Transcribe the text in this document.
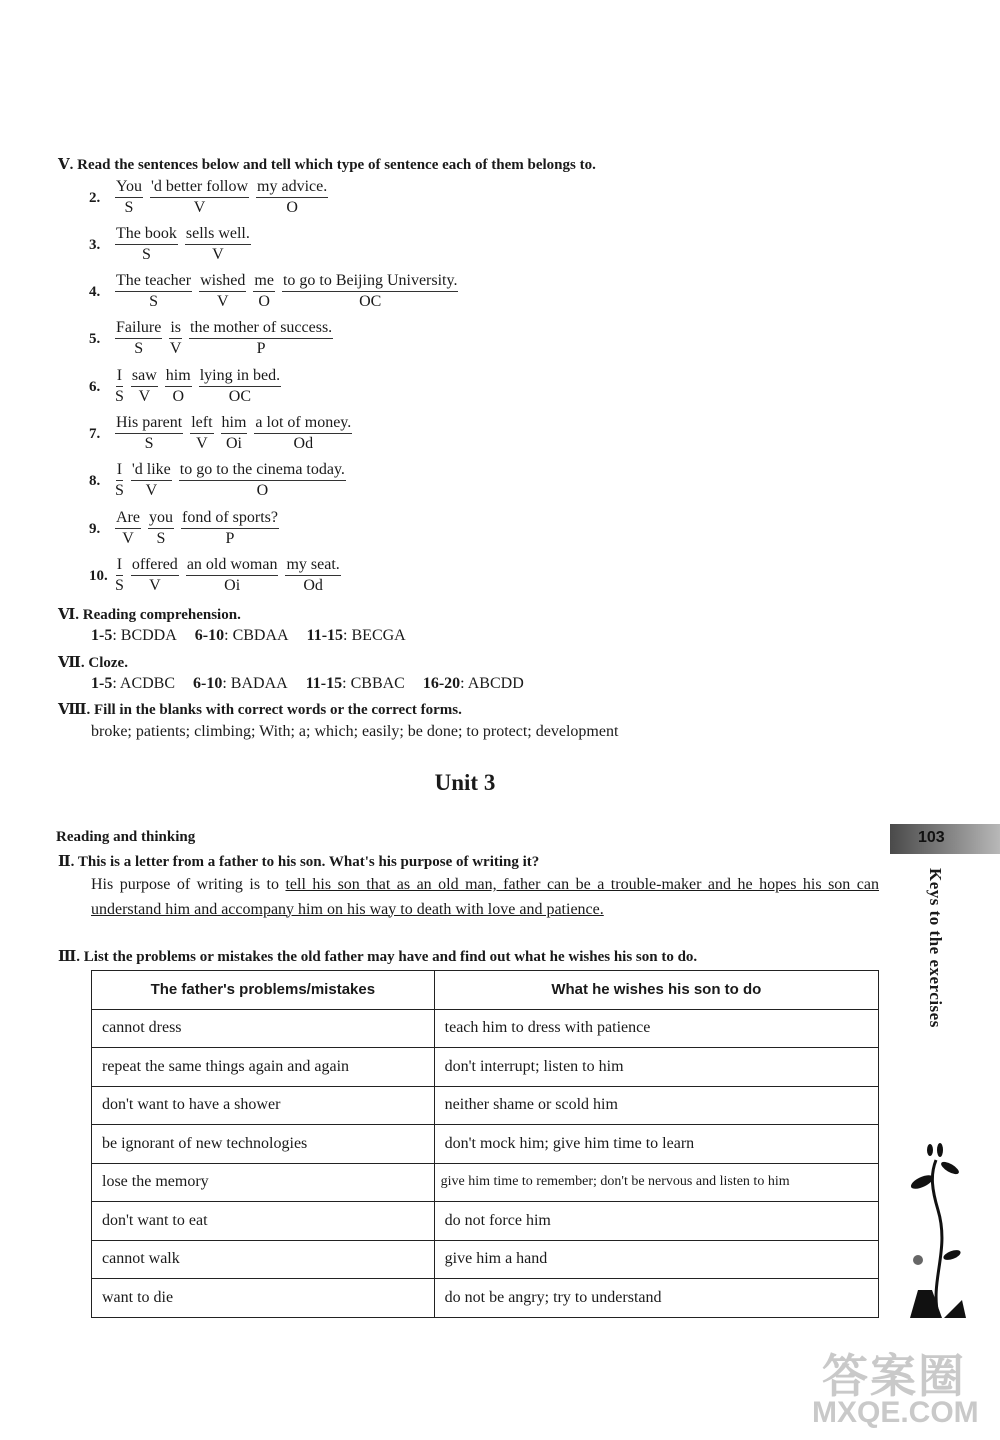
Ⅴ. Read the sentences below and tell which type of sentence each of them belongs to.
2.
You
S
'd better follow
V
my advice.
O
3.
The book
S
sells well.
V
4.
The teacher
S
wished
V
me
O
to go to Beijing University.
OC
5.
Failure
S
is
V
the mother of success.
P
6.
I
S
saw
V
him
O
lying in bed.
OC
7.
His parent
S
left
V
him
Oi
a lot of money.
Od
8.
I
S
'd like
V
to go to the cinema today.
O
9.
Are
V
you
S
fond of sports?
P
10.
I
S
offered
V
an old woman
Oi
my seat.
Od
Ⅵ. Reading comprehension.
1-5: BCDDA 6-10: CBDAA 11-15: BECGA
Ⅶ. Cloze.
1-5: ACDBC 6-10: BADAA 11-15: CBBAC 16-20: ABCDD
Ⅷ. Fill in the blanks with correct words or the correct forms.
broke; patients; climbing; With; a; which; easily; be done; to protect; development
Unit 3
Reading and thinking
Ⅱ. This is a letter from a father to his son. What's his purpose of writing it?
His purpose of writing is to tell his son that as an old man, father can be a trouble-maker and he hopes his son can understand him and accompany him on his way to death with love and patience.
Ⅲ. List the problems or mistakes the old father may have and find out what he wishes his son to do.
The father's problems/mistakes	What he wishes his son to do
cannot dress	teach him to dress with patience
repeat the same things again and again	don't interrupt; listen to him
don't want to have a shower	neither shame or scold him
be ignorant of new technologies	don't mock him; give him time to learn
lose the memory	give him time to remember; don't be nervous and listen to him
don't want to eat	do not force him
cannot walk	give him a hand
want to die	do not be angry; try to understand
103
Keys to the exercises
答案圈
MXQE.COM
